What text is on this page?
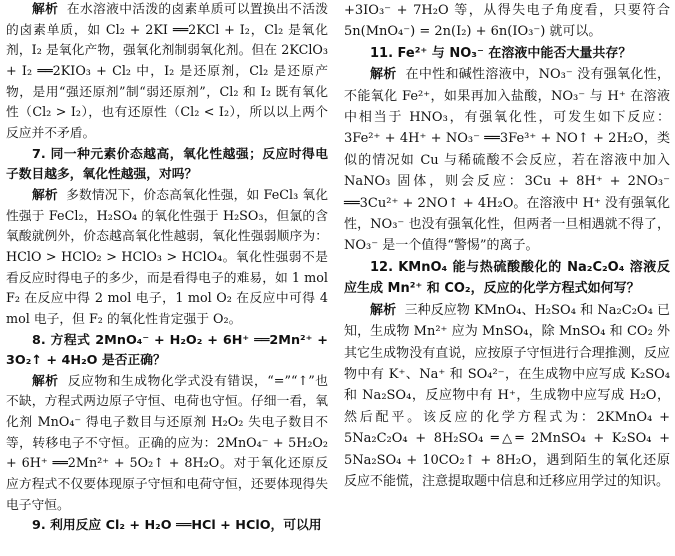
解析 在水溶液中活泼的卤素单质可以置换出不活泼的卤素单质，如 Cl₂ + 2KI ══2KCl + I₂，Cl₂ 是氧化剂，I₂ 是氧化产物，强氧化剂制弱氧化剂。但在 2KClO₃ + I₂ ══2KIO₃ + Cl₂ 中，I₂ 是还原剂，Cl₂ 是还原产物，是用“强还原剂”制“弱还原剂”，Cl₂ 和 I₂ 既有氧化性（Cl₂ > I₂），也有还原性（Cl₂ < I₂），所以以上两个反应并不矛盾。

7. 同一种元素价态越高，氧化性越强；反应时得电子数目越多，氧化性越强，对吗？

解析 多数情况下，价态高氧化性强，如 FeCl₃ 氧化性强于 FeCl₂，H₂SO₄ 的氧化性强于 H₂SO₃，但氯的含氧酸就例外，价态越高氧化性越弱，氧化性强弱顺序为：HClO > HClO₂ > HClO₃ > HClO₄。氧化性强弱不是看反应时得电子的多少，而是看得电子的难易，如 1 mol F₂ 在反应中得 2 mol 电子，1 mol O₂ 在反应中可得 4 mol 电子，但 F₂ 的氧化性肯定强于 O₂。

8. 方程式 2MnO₄⁻ + H₂O₂ + 6H⁺ ══2Mn²⁺ + 3O₂↑ + 4H₂O 是否正确？

解析 反应物和生成物化学式没有错误，“=”“↑”也不缺，方程式两边原子守恒、电荷也守恒。仔细一看，氧化剂 MnO₄⁻ 得电子数目与还原剂 H₂O₂ 失电子数目不等，转移电子不守恒。正确的应为：2MnO₄⁻ + 5H₂O₂ + 6H⁺ ══2Mn²⁺ + 5O₂↑ + 8H₂O。对于氧化还原反应方程式不仅要体现原子守恒和电荷守恒，还要体现得失电子守恒。

9. 利用反应 Cl₂ + H₂O ══HCl + HClO，可以用

+3IO₃⁻ + 7H₂O 等，从得失电子角度看，只要符合 5n(MnO₄⁻) = 2n(I₂) + 6n(IO₃⁻) 就可以。

11. Fe²⁺ 与 NO₃⁻ 在溶液中能否大量共存？

解析 在中性和碱性溶液中，NO₃⁻ 没有强氧化性，不能氧化 Fe²⁺，如果再加入盐酸，NO₃⁻ 与 H⁺ 在溶液中相当于 HNO₃，有强氧化性，可发生如下反应：3Fe²⁺ + 4H⁺ + NO₃⁻ ══3Fe³⁺ + NO↑ + 2H₂O，类似的情况如 Cu 与稀硫酸不会反应，若在溶液中加入 NaNO₃ 固体，则会反应：3Cu + 8H⁺ + 2NO₃⁻ ══3Cu²⁺ + 2NO↑ + 4H₂O。在溶液中 H⁺ 没有强氧化性，NO₃⁻ 也没有强氧化性，但两者一旦相遇就不得了，NO₃⁻ 是一个值得“警惕”的离子。

12. KMnO₄ 能与热硫酸酸化的 Na₂C₂O₄ 溶液反应生成 Mn²⁺ 和 CO₂，反应的化学方程式如何写？

解析 三种反应物 KMnO₄、H₂SO₄ 和 Na₂C₂O₄ 已知，生成物 Mn²⁺ 应为 MnSO₄，除 MnSO₄ 和 CO₂ 外其它生成物没有直说，应按原子守恒进行合理推测，反应物中有 K⁺、Na⁺ 和 SO₄²⁻，在生成物中应写成 K₂SO₄ 和 Na₂SO₄，反应物中有 H⁺，生成物中应写成 H₂O，然后配平。该反应的化学方程式为：2KMnO₄ + 5Na₂C₂O₄ + 8H₂SO₄ ═△═ 2MnSO₄ + K₂SO₄ + 5Na₂SO₄ + 10CO₂↑ + 8H₂O，遇到陌生的氧化还原反应不能慌，注意提取题中信息和迁移应用学过的知识。
